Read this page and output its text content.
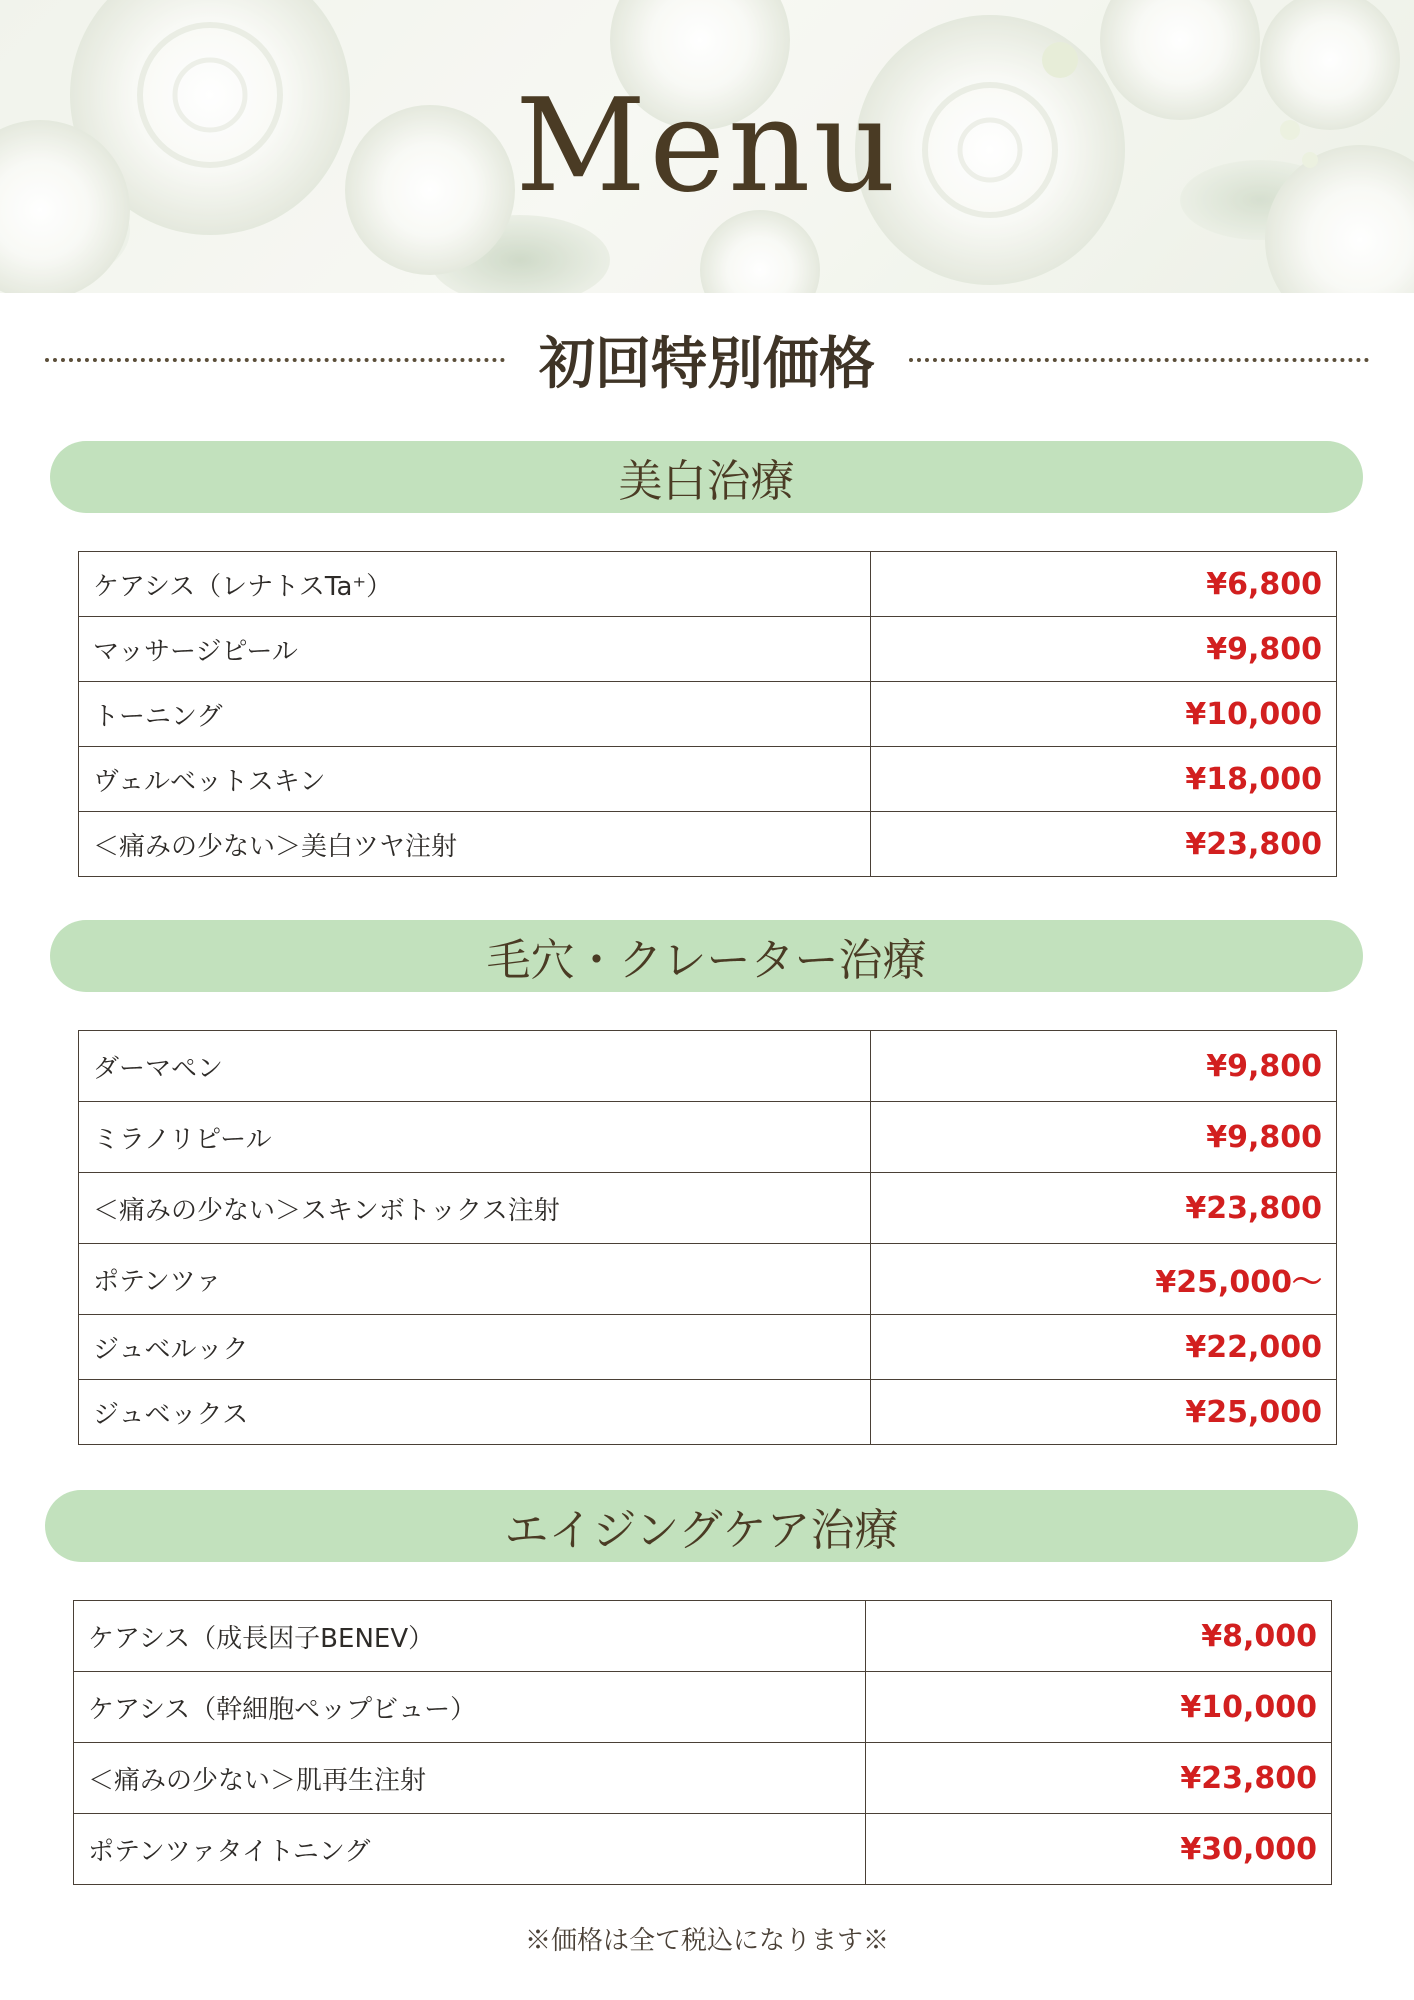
Menu
初回特別価格
美白治療
ケアシス（レナトスTa⁺）	¥6,800
マッサージピール	¥9,800
トーニング	¥10,000
ヴェルベットスキン	¥18,000
＜痛みの少ない＞美白ツヤ注射	¥23,800
毛穴・クレーター治療
ダーマペン	¥9,800
ミラノリピール	¥9,800
＜痛みの少ない＞スキンボトックス注射	¥23,800
ポテンツァ	¥25,000〜
ジュベルック	¥22,000
ジュベックス	¥25,000
エイジングケア治療
ケアシス（成長因子BENEV）	¥8,000
ケアシス（幹細胞ペップビュー）	¥10,000
＜痛みの少ない＞肌再生注射	¥23,800
ポテンツァタイトニング	¥30,000
※価格は全て税込になります※
